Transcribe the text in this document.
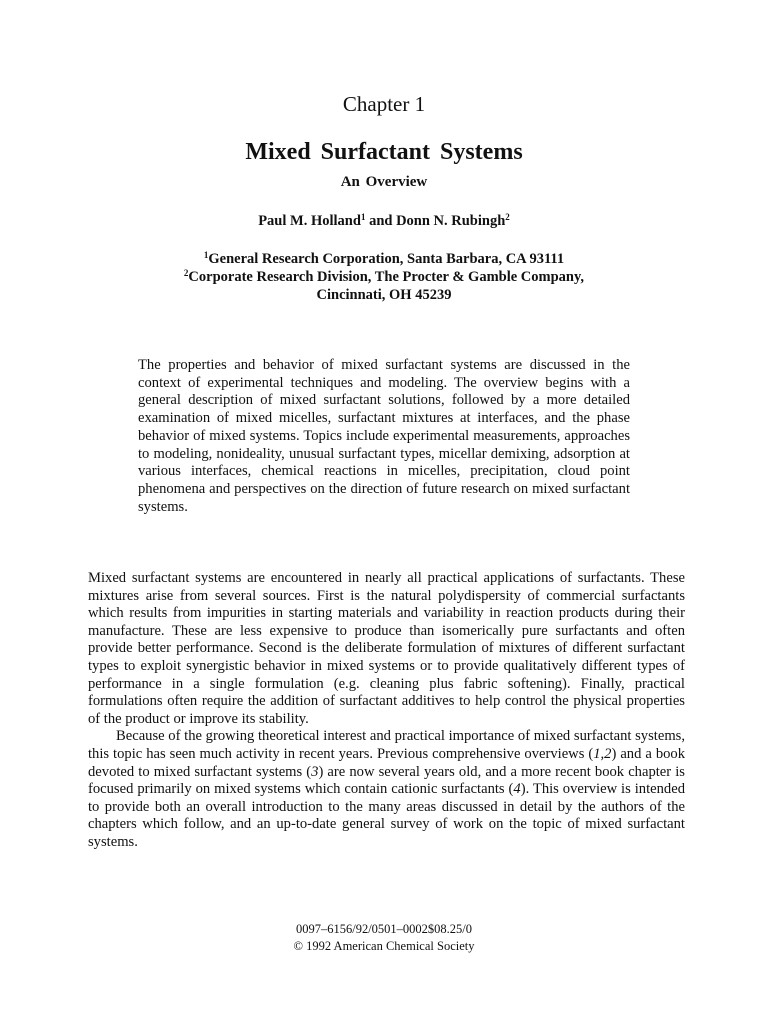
Chapter 1
Mixed Surfactant Systems
An Overview
Paul M. Holland$^1$ and Donn N. Rubingh$^2$
$^1$General Research Corporation, Santa Barbara, CA 93111
$^2$Corporate Research Division, The Procter & Gamble Company,
Cincinnati, OH 45239

The properties and behavior of mixed surfactant systems are discussed in the context of experimental techniques and modeling. The overview begins with a general description of mixed surfactant solutions, followed by a more detailed examination of mixed micelles, surfactant mixtures at interfaces, and the phase behavior of mixed systems. Topics include experimental measurements, approaches to modeling, nonideality, unusual surfactant types, micellar demixing, adsorption at various interfaces, chemical reactions in micelles, precipitation, cloud point phenomena and perspectives on the direction of future research on mixed surfactant systems.

Mixed surfactant systems are encountered in nearly all practical applications of surfactants. These mixtures arise from several sources. First is the natural polydispersity of commercial surfactants which results from impurities in starting materials and variability in reaction products during their manufacture. These are less expensive to produce than isomerically pure surfactants and often provide better performance. Second is the deliberate formulation of mixtures of different surfactant types to exploit synergistic behavior in mixed systems or to provide qualitatively different types of performance in a single formulation (e.g. cleaning plus fabric softening). Finally, practical formulations often require the addition of surfactant additives to help control the physical properties of the product or improve its stability.

Because of the growing theoretical interest and practical importance of mixed surfactant systems, this topic has seen much activity in recent years. Previous comprehensive overviews (1,2) and a book devoted to mixed surfactant systems (3) are now several years old, and a more recent book chapter is focused primarily on mixed systems which contain cationic surfactants (4). This overview is intended to provide both an overall introduction to the many areas discussed in detail by the authors of the chapters which follow, and an up-to-date general survey of work on the topic of mixed surfactant systems.

0097–6156/92/0501–0002$08.25/0
© 1992 American Chemical Society
